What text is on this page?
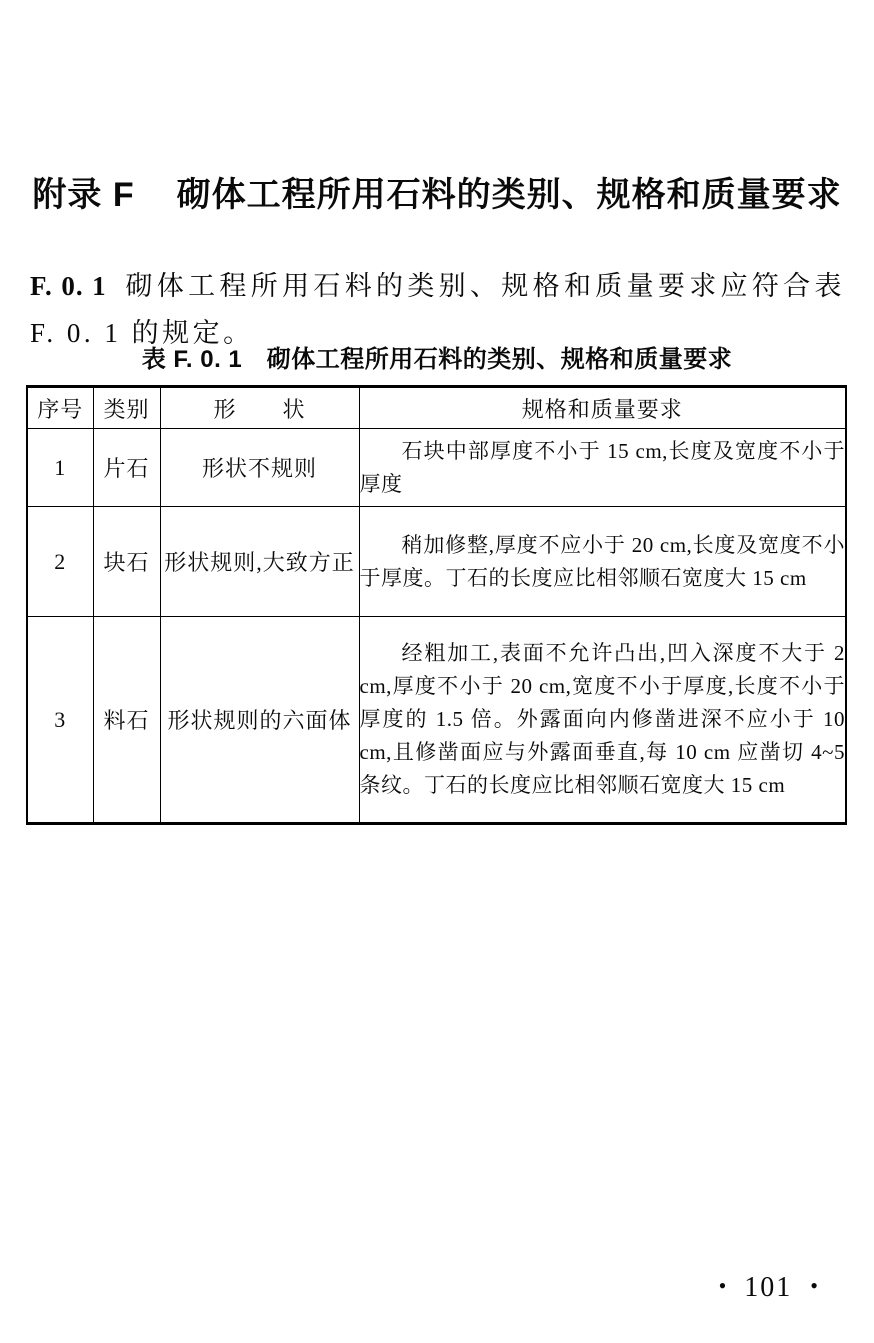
附录 F 砌体工程所用石料的类别、规格和质量要求

F. 0. 1 砌体工程所用石料的类别、规格和质量要求应符合表 F. 0. 1 的规定。

表 F. 0. 1　砌体工程所用石料的类别、规格和质量要求
序号	类别	形　　状	规格和质量要求
1	片石	形状不规则	石块中部厚度不小于 15 cm,长度及宽度不小于厚度

2	块石	形状规则,大致方正	稍加修整,厚度不应小于 20 cm,长度及宽度不小于厚度。丁石的长度应比相邻顺石宽度大 15 cm

3	料石	形状规则的六面体	经粗加工,表面不允许凸出,凹入深度不大于 2 cm,厚度不小于 20 cm,宽度不小于厚度,长度不小于厚度的 1.5 倍。外露面向内修凿进深不应小于 10 cm,且修凿面应与外露面垂直,每 10 cm 应凿切 4~5 条纹。丁石的长度应比相邻顺石宽度大 15 cm
• 101 •
